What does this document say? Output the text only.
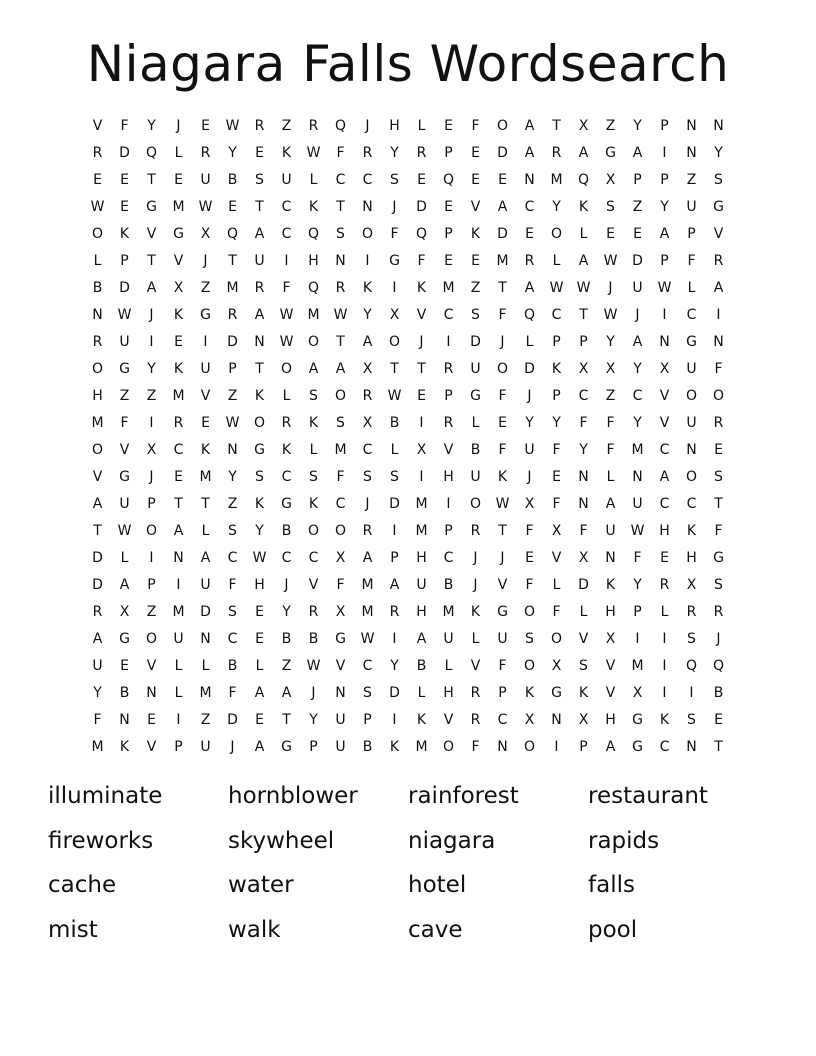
Niagara Falls Wordsearch
V	F	Y	J	E	W	R	Z	R	Q	J	H	L	E	F	O	A	T	X	Z	Y	P	N	N
R	D	Q	L	R	Y	E	K	W	F	R	Y	R	P	E	D	A	R	A	G	A	I	N	Y
E	E	T	E	U	B	S	U	L	C	C	S	E	Q	E	E	N	M	Q	X	P	P	Z	S
W	E	G	M	W	E	T	C	K	T	N	J	D	E	V	A	C	Y	K	S	Z	Y	U	G
O	K	V	G	X	Q	A	C	Q	S	O	F	Q	P	K	D	E	O	L	E	E	A	P	V
L	P	T	V	J	T	U	I	H	N	I	G	F	E	E	M	R	L	A	W	D	P	F	R
B	D	A	X	Z	M	R	F	Q	R	K	I	K	M	Z	T	A	W W	J	U	W	L	A
N	W	J	K	G	R	A	W	M	W	Y	X	V	C	S	F	Q	C	T	W	J	I	C	I
R	U	I	E	I	D	N	W	O	T	A	O	J	I	D	J	L	P	P	Y	A	N	G	N
O	G	Y	K	U	P	T	O	A	A	X	T	T	R	U	O	D	K	X	X	Y	X	U	F
H	Z	Z	M	V	Z	K	L	S	O	R	W	E	P	G	F	J	P	C	Z	C	V	O	O
M	F	I	R	E	W	O	R	K	S	X	B	I	R	L	E	Y	Y	F	F	Y	V	U	R
O	V	X	C	K	N	G	K	L	M	C	L	X	V	B	F	U	F	Y	F	M	C	N	E
V	G	J	E	M	Y	S	C	S	F	S	S	I	H	U	K	J	E	N	L	N	A	O	S
A	U	P	T	T	Z	K	G	K	C	J	D	M	I	O	W	X	F	N	A	U	C	C	T
T	W	O	A	L	S	Y	B	O	O	R	I	M	P	R	T	F	X	F	U	W	H	K	F
D	L	I	N	A	C	W	C	C	X	A	P	H	C	J	J	E	V	X	N	F	E	H	G
D	A	P	I	U	F	H	J	V	F	M	A	U	B	J	V	F	L	D	K	Y	R	X	S
R	X	Z	M	D	S	E	Y	R	X	M	R	H	M	K	G	O	F	L	H	P	L	R	R
A	G	O	U	N	C	E	B	B	G	W	I	A	U	L	U	S	O	V	X	I	I	S	J
U	E	V	L	L	B	L	Z	W	V	C	Y	B	L	V	F	O	X	S	V	M	I	Q	Q
Y	B	N	L	M	F	A	A	J	N	S	D	L	H	R	P	K	G	K	V	X	I	I	B
F	N	E	I	Z	D	E	T	Y	U	P	I	K	V	R	C	X	N	X	H	G	K	S	E
M	K	V	P	U	J	A	G	P	U	B	K	M	O	F	N	O	I	P	A	G	C	N	T
illuminate	hornblower	rainforest	restaurant
fireworks	skywheel	niagara	rapids
cache	water	hotel	falls
mist	walk	cave	pool
